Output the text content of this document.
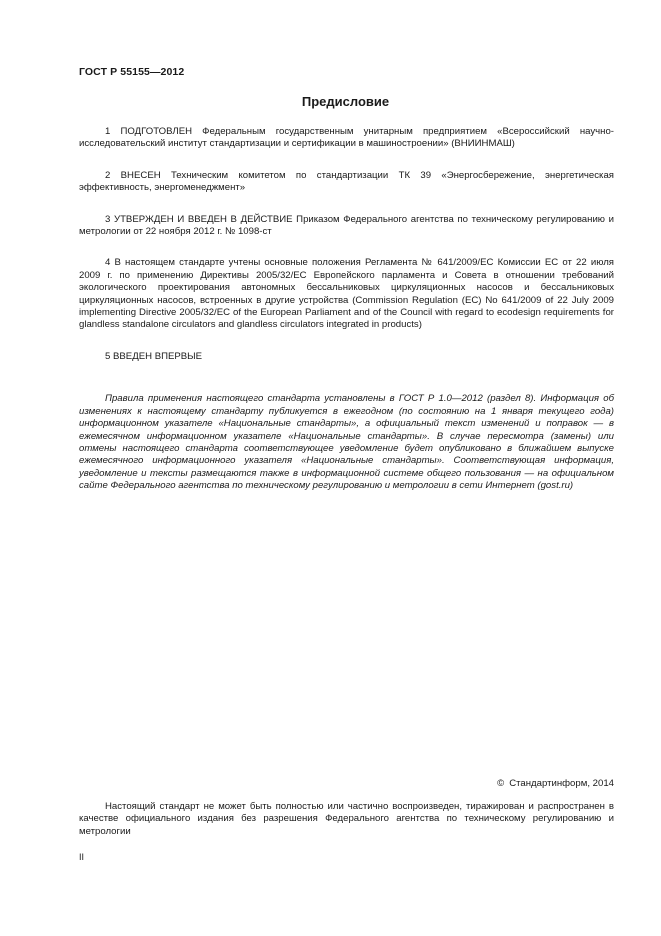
ГОСТ Р 55155—2012
Предисловие

1 ПОДГОТОВЛЕН Федеральным государственным унитарным предприятием «Всероссийский научно-исследовательский институт стандартизации и сертификации в машиностроении» (ВНИИНМАШ)

2 ВНЕСЕН Техническим комитетом по стандартизации ТК 39 «Энергосбережение, энергетическая эффективность, энергоменеджмент»

3 УТВЕРЖДЕН И ВВЕДЕН В ДЕЙСТВИЕ Приказом Федерального агентства по техническому регулированию и метрологии от 22 ноября 2012 г. № 1098-ст

4 В настоящем стандарте учтены основные положения Регламента № 641/2009/ЕС Комиссии ЕС от 22 июля 2009 г. по применению Директивы 2005/32/ЕС Европейского парламента и Совета в отношении требований экологического проектирования автономных бессальниковых циркуляционных насосов и бессальниковых циркуляционных насосов, встроенных в другие устройства (Commission Regulation (EC) No 641/2009 of 22 July 2009 implementing Directive 2005/32/EC of the European Parliament and of the Council with regard to ecodesign requirements for glandless standalone circulators and glandless circulators integrated in products)

5 ВВЕДЕН ВПЕРВЫЕ

Правила применения настоящего стандарта установлены в ГОСТ Р 1.0—2012 (раздел 8). Информация об изменениях к настоящему стандарту публикуется в ежегодном (по состоянию на 1 января текущего года) информационном указателе «Национальные стандарты», а официальный текст изменений и поправок — в ежемесячном информационном указателе «Национальные стандарты». В случае пересмотра (замены) или отмены настоящего стандарта соответствующее уведомление будет опубликовано в ближайшем выпуске ежемесячного информационного указателя «Национальные стандарты». Соответствующая информация, уведомление и тексты размещаются также в информационной системе общего пользования — на официальном сайте Федерального агентства по техническому регулированию и метрологии в сети Интернет (gost.ru)

© Стандартинформ, 2014

Настоящий стандарт не может быть полностью или частично воспроизведен, тиражирован и распространен в качестве официального издания без разрешения Федерального агентства по техническому регулированию и метрологии

II
